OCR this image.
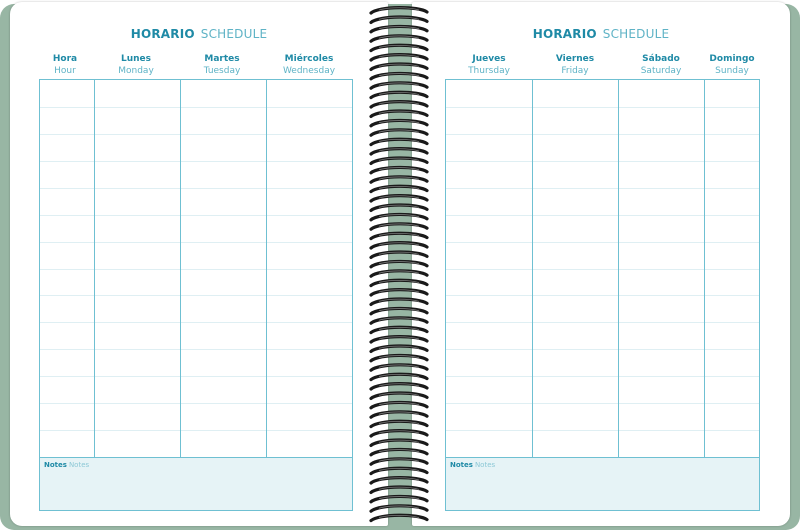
HORARIO SCHEDULE
Hora
Hour
Lunes
Monday
Martes
Tuesday
Miércoles
Wednesday
Notes Notes
HORARIO SCHEDULE
Jueves
Thursday
Viernes
Friday
Sábado
Saturday
Domingo
Sunday
Notes Notes
